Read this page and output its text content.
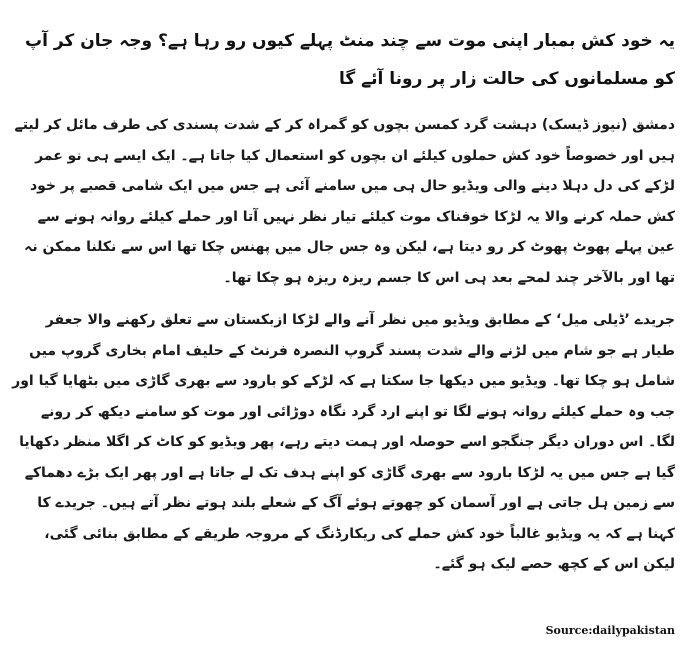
یہ خود کش بمبار اپنی موت سے چند منٹ پہلے کیوں رو رہا ہے؟ وجہ جان کر آپ کو مسلمانوں کی حالت زار پر رونا آئے گا
دمشق (نیوز ڈیسک) دہشت گرد کمسن بچوں کو گمراہ کر کے شدت پسندی کی طرف مائل کر لیتے ہیں اور خصوصاً خود کش حملوں کیلئے ان بچوں کو استعمال کیا جاتا ہے۔ ایک ایسے ہی نو عمر لڑکے کی دل دہلا دینے والی ویڈیو حال ہی میں سامنے آئی ہے جس میں ایک شامی قصبے پر خود کش حملہ کرنے والا یہ لڑکا خوفناک موت کیلئے تیار نظر نہیں آتا اور حملے کیلئے روانہ ہونے سے عین پہلے پھوٹ پھوٹ کر رو دیتا ہے، لیکن وہ جس جال میں پھنس چکا تھا اس سے نکلنا ممکن نہ تھا اور بالآخر چند لمحے بعد ہی اس کا جسم ریزہ ریزہ ہو چکا تھا۔
جریدے ’ڈیلی میل‘ کے مطابق ویڈیو میں نظر آنے والے لڑکا ازبکستان سے تعلق رکھنے والا جعفر طیار ہے جو شام میں لڑنے والے شدت پسند گروپ النصرہ فرنٹ کے حلیف امام بخاری گروپ میں شامل ہو چکا تھا۔ ویڈیو میں دیکھا جا سکتا ہے کہ لڑکے کو بارود سے بھری گاڑی میں بٹھایا گیا اور جب وہ حملے کیلئے روانہ ہونے لگا تو اپنے ارد گرد نگاہ دوڑائی اور موت کو سامنے دیکھ کر رونے لگا۔ اس دوران دیگر جنگجو اسے حوصلہ اور ہمت دیتے رہے، پھر ویڈیو کو کاٹ کر اگلا منظر دکھایا گیا ہے جس میں یہ لڑکا بارود سے بھری گاڑی کو اپنے ہدف تک لے جاتا ہے اور پھر ایک بڑے دھماکے سے زمین ہل جاتی ہے اور آسمان کو چھوتے ہوئے آگ کے شعلے بلند ہوتے نظر آتے ہیں۔ جریدے کا کہنا ہے کہ یہ ویڈیو غالباً خود کش حملے کی ریکارڈنگ کے مروجہ طریقے کے مطابق بنائی گئی، لیکن اس کے کچھ حصے لیک ہو گئے۔
Source:dailypakistan
